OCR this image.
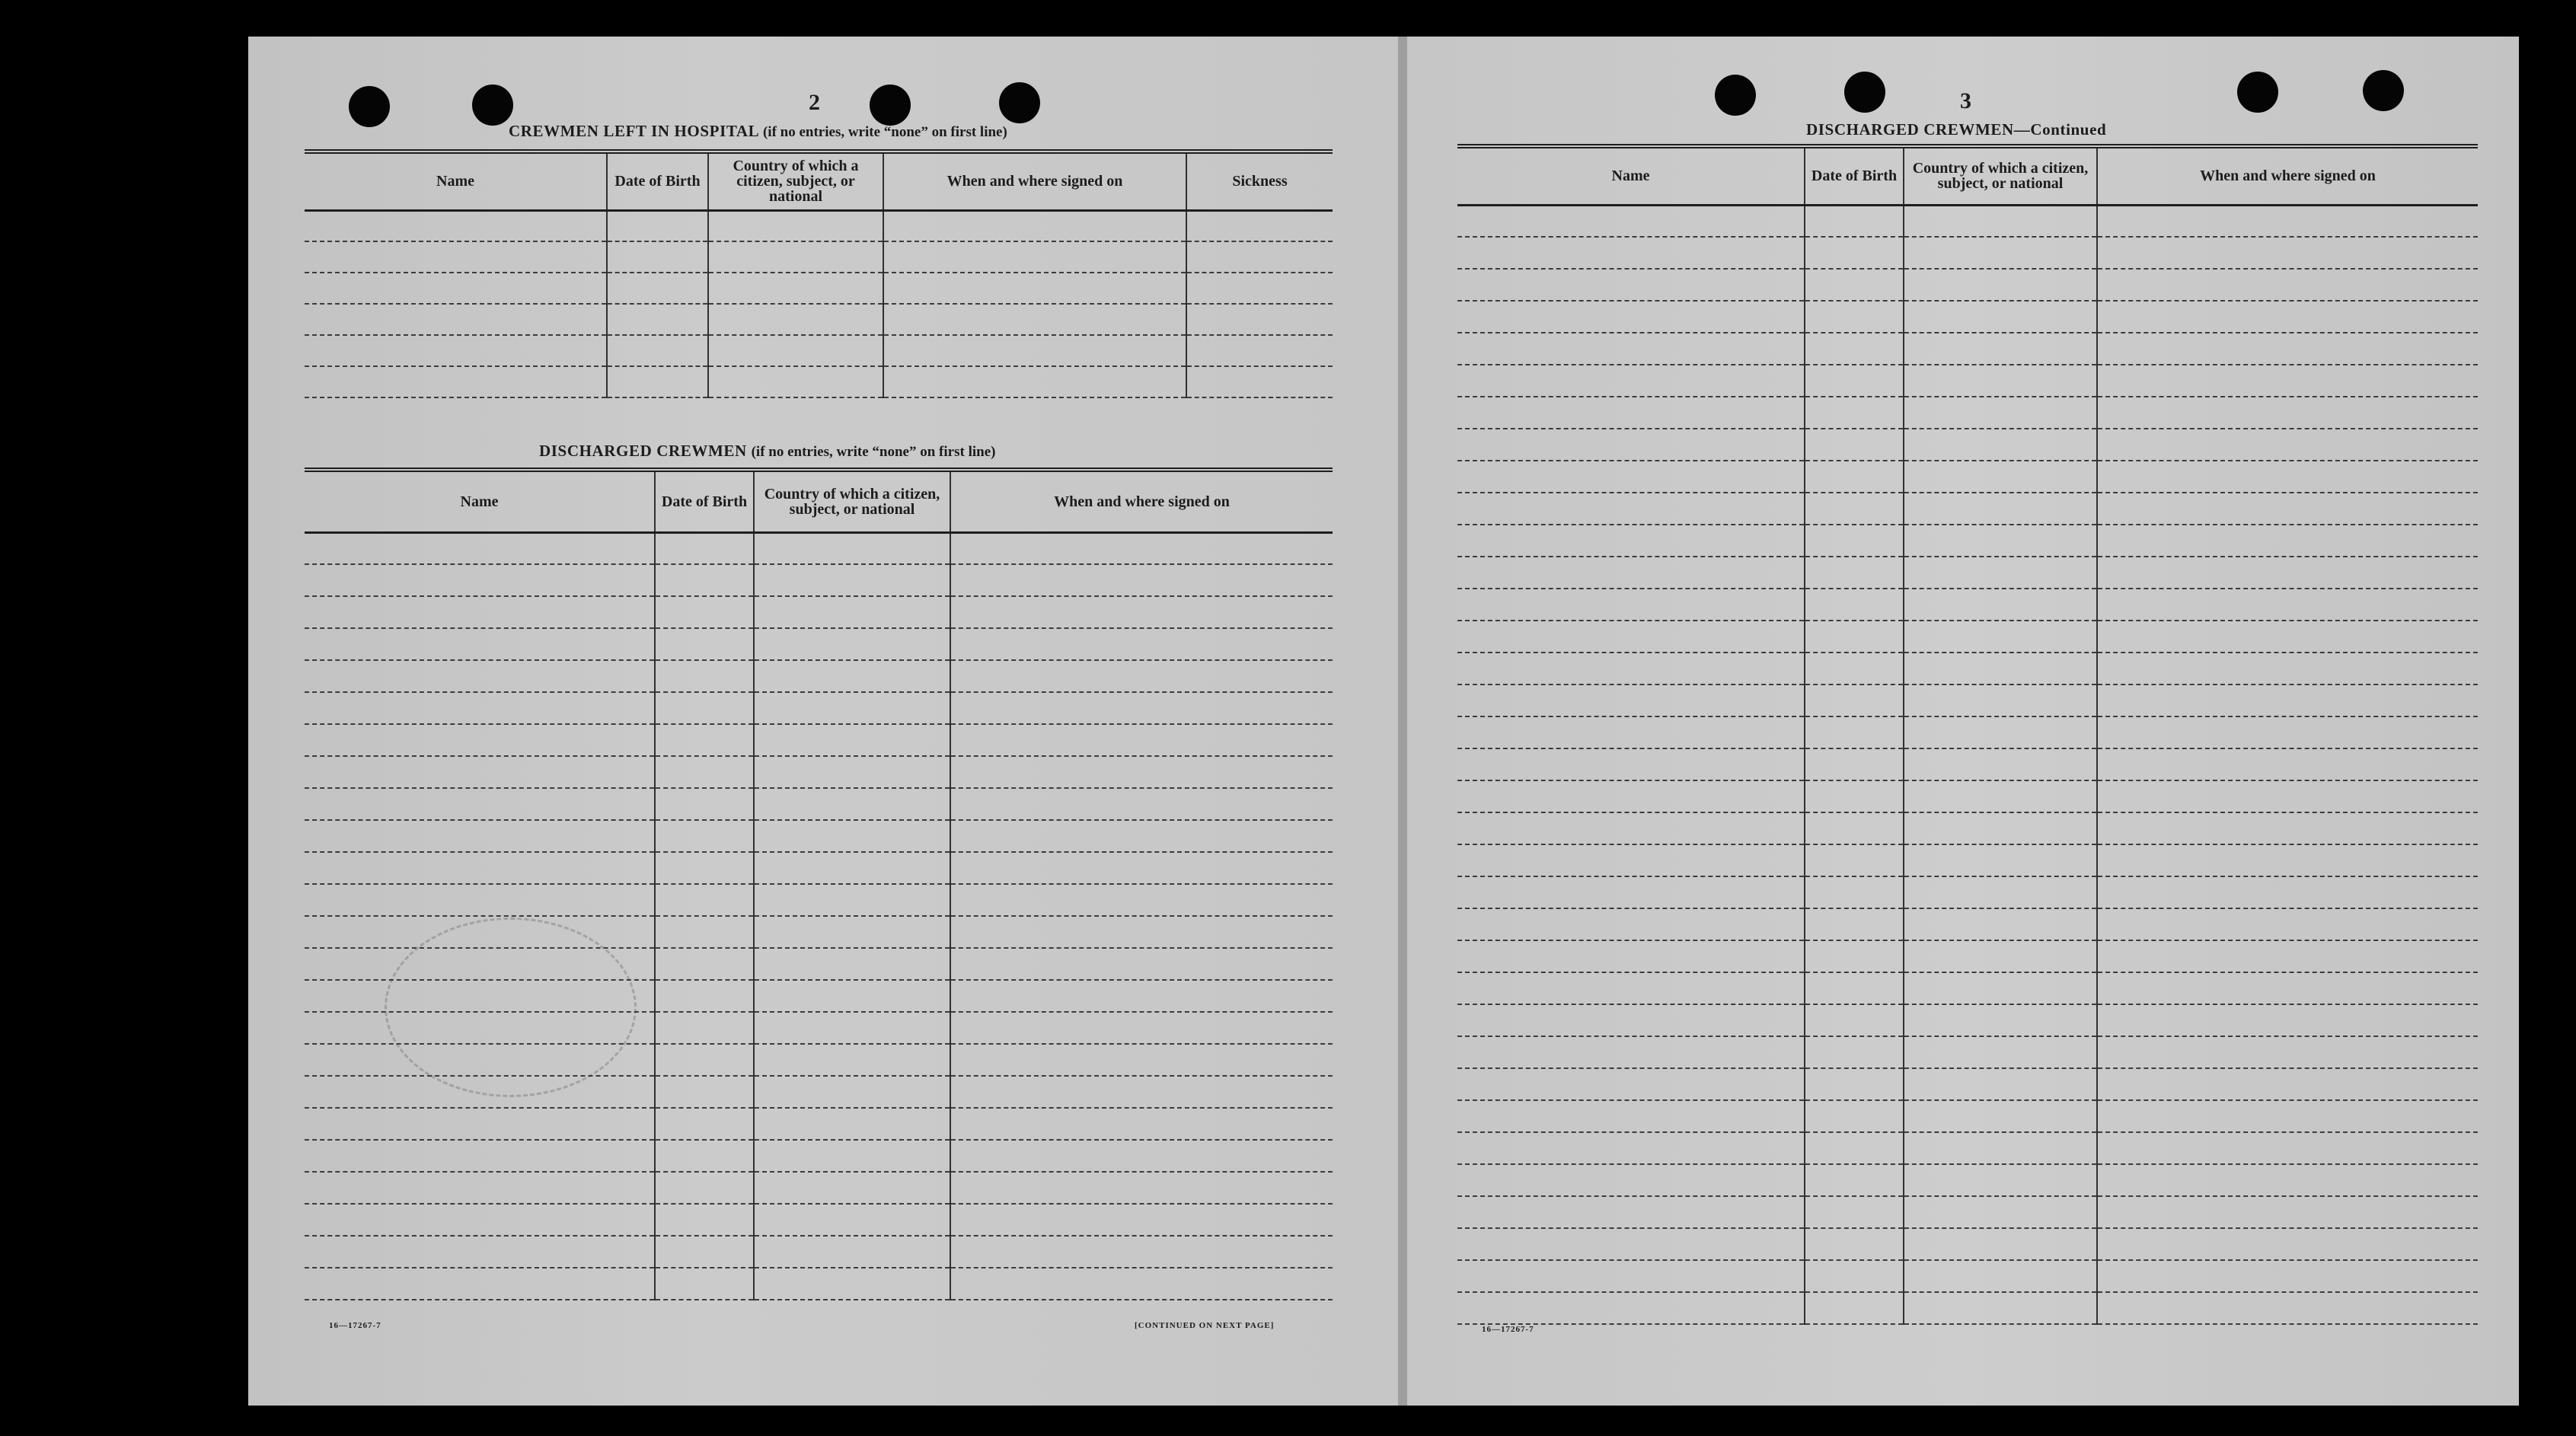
2
CREWMEN LEFT IN HOSPITAL (if no entries, write “none” on first line)
Name	Date of Birth	Country of which a citizen, subject, or national	When and where signed on	Sickness

DISCHARGED CREWMEN (if no entries, write “none” on first line)
Name	Date of Birth	Country of which a citizen, subject, or national	When and where signed on

16—17267-7	[CONTINUED ON NEXT PAGE]
3
DISCHARGED CREWMEN—Continued
Name	Date of Birth	Country of which a citizen, subject, or national	When and where signed on

16—17267-7
